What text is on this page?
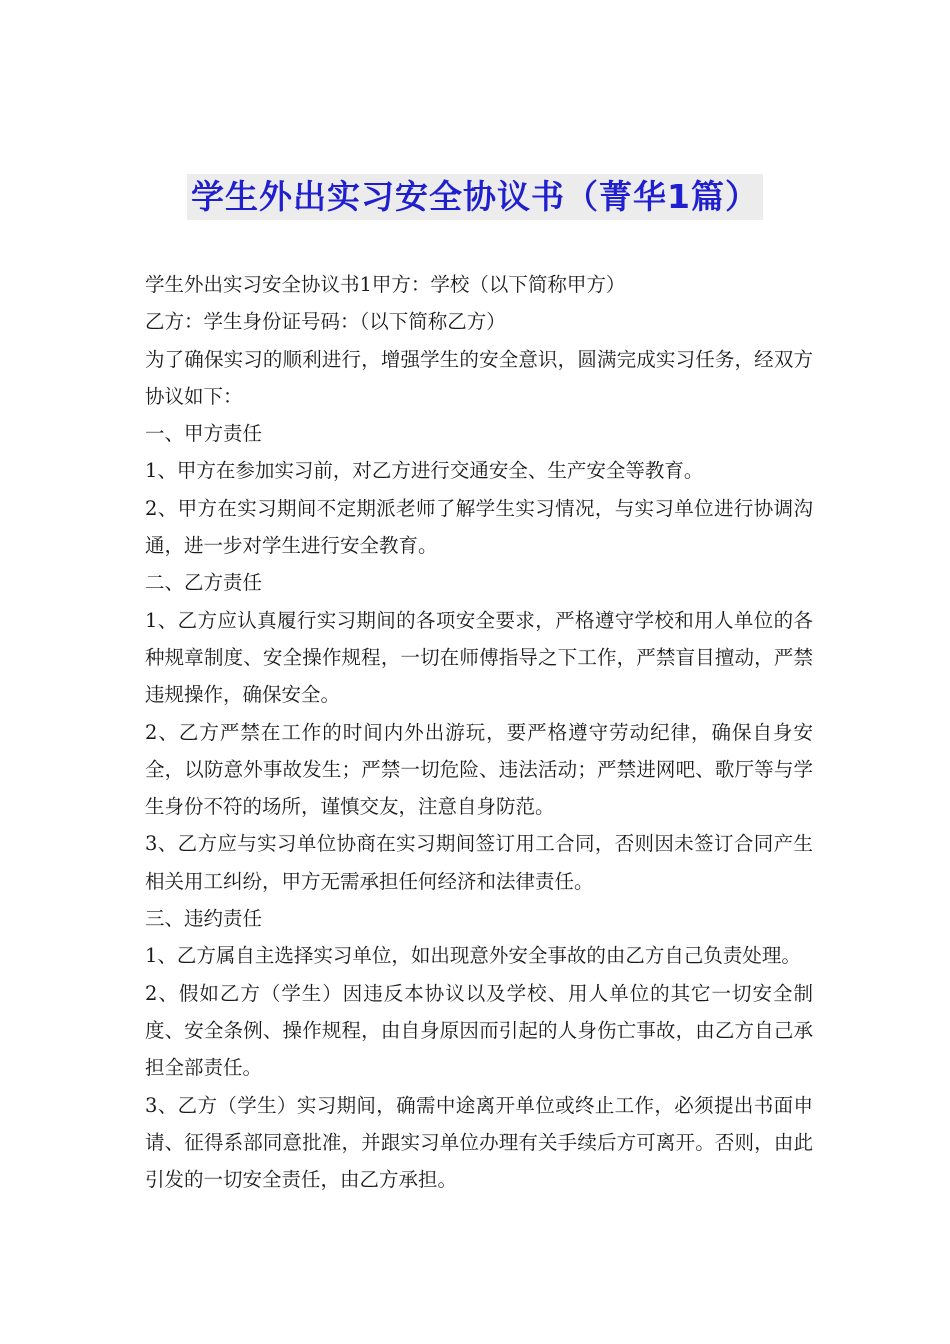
学生外出实习安全协议书（菁华1篇）

学生外出实习安全协议书1甲方：学校（以下简称甲方）

乙方：学生身份证号码：（以下简称乙方）

为了确保实习的顺利进行，增强学生的安全意识，圆满完成实习任务，经双方协议如下：

一、甲方责任

1、甲方在参加实习前，对乙方进行交通安全、生产安全等教育。

2、甲方在实习期间不定期派老师了解学生实习情况，与实习单位进行协调沟通，进一步对学生进行安全教育。

二、乙方责任

1、乙方应认真履行实习期间的各项安全要求，严格遵守学校和用人单位的各种规章制度、安全操作规程，一切在师傅指导之下工作，严禁盲目擅动，严禁违规操作，确保安全。

2、乙方严禁在工作的时间内外出游玩，要严格遵守劳动纪律，确保自身安全，以防意外事故发生；严禁一切危险、违法活动；严禁进网吧、歌厅等与学生身份不符的场所，谨慎交友，注意自身防范。

3、乙方应与实习单位协商在实习期间签订用工合同，否则因未签订合同产生相关用工纠纷，甲方无需承担任何经济和法律责任。

三、违约责任

1、乙方属自主选择实习单位，如出现意外安全事故的由乙方自己负责处理。

2、假如乙方（学生）因违反本协议以及学校、用人单位的其它一切安全制度、安全条例、操作规程，由自身原因而引起的人身伤亡事故，由乙方自己承担全部责任。

3、乙方（学生）实习期间，确需中途离开单位或终止工作，必须提出书面申请、征得系部同意批准，并跟实习单位办理有关手续后方可离开。否则，由此引发的一切安全责任，由乙方承担。
